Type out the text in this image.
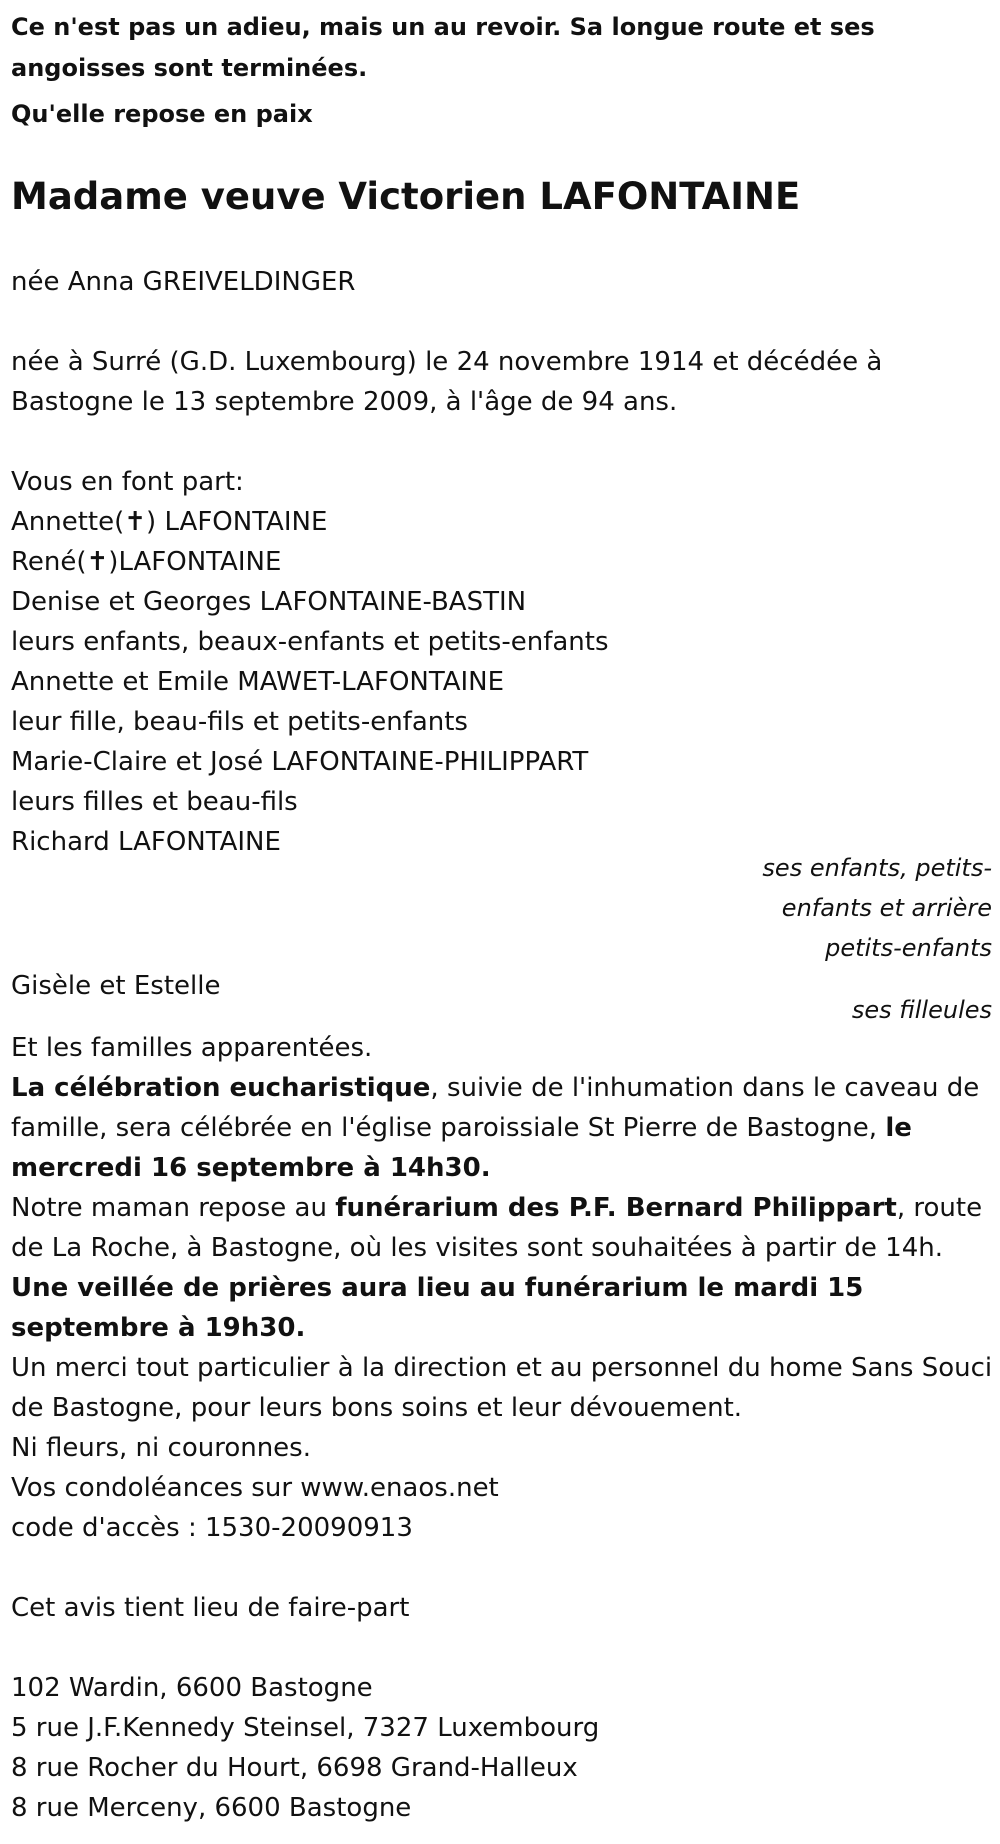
Ce n'est pas un adieu, mais un au revoir. Sa longue route et ses angoisses sont terminées.

Qu'elle repose en paix

Madame veuve Victorien LAFONTAINE

née Anna GREIVELDINGER

née à Surré (G.D. Luxembourg) le 24 novembre 1914 et décédée à

Bastogne le 13 septembre 2009, à l'âge de 94 ans.

Vous en font part:

Annette(✝) LAFONTAINE

René(✝)LAFONTAINE

Denise et Georges LAFONTAINE-BASTIN

leurs enfants, beaux-enfants et petits-enfants

Annette et Emile MAWET-LAFONTAINE

leur fille, beau-fils et petits-enfants

Marie-Claire et José LAFONTAINE-PHILIPPART

leurs filles et beau-fils

Richard LAFONTAINE

ses enfants, petits-

enfants et arrière

petits-enfants

Gisèle et Estelle

ses filleules

Et les familles apparentées.

La célébration eucharistique, suivie de l'inhumation dans le caveau de famille, sera célébrée en l'église paroissiale St Pierre de Bastogne, le mercredi 16 septembre à 14h30.

Notre maman repose au funérarium des P.F. Bernard Philippart, route de La Roche, à Bastogne, où les visites sont souhaitées à partir de 14h.

Une veillée de prières aura lieu au funérarium le mardi 15 septembre à 19h30.

Un merci tout particulier à la direction et au personnel du home Sans Souci de Bastogne, pour leurs bons soins et leur dévouement.

Ni fleurs, ni couronnes.

Vos condoléances sur www.enaos.net

code d'accès : 1530-20090913

Cet avis tient lieu de faire-part

102 Wardin, 6600 Bastogne

5 rue J.F.Kennedy Steinsel, 7327 Luxembourg

8 rue Rocher du Hourt, 6698 Grand-Halleux

8 rue Merceny, 6600 Bastogne
